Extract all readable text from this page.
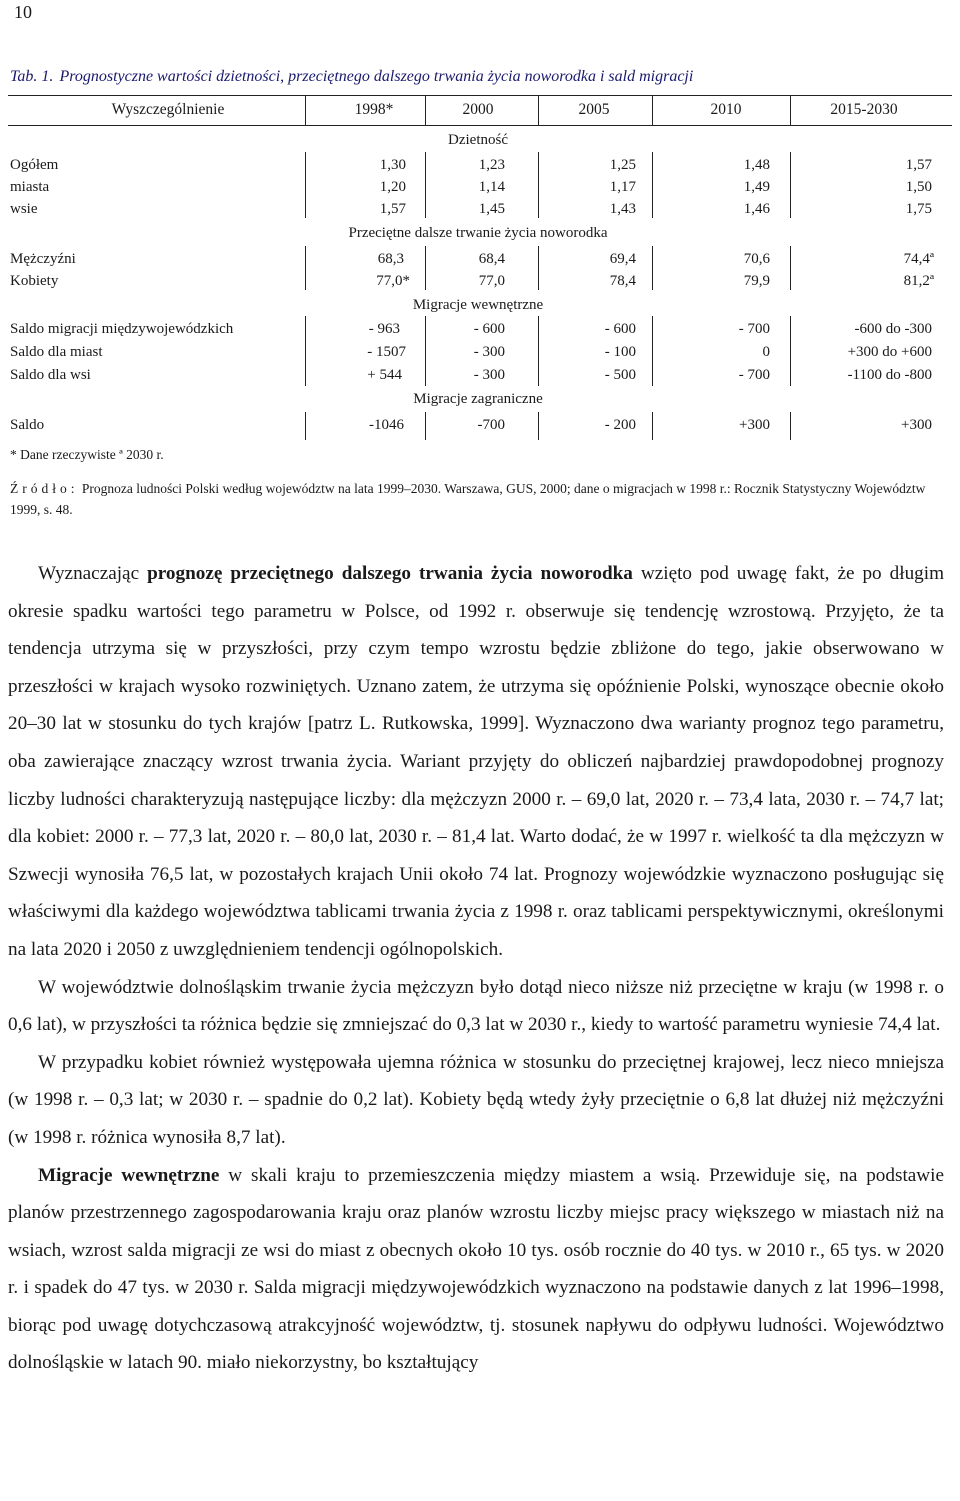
10
Tab. 1. Prognostyczne wartości dzietności, przeciętnego dalszego trwania życia noworodka i sald migracji
Wyszczególnienie	1998*	2000	2005	2010	2015-2030
Dzietność
Ogółem	1,30	1,23	1,25	1,48	1,57
miasta	1,20	1,14	1,17	1,49	1,50
wsie	1,57	1,45	1,43	1,46	1,75
Przeciętne dalsze trwanie życia noworodka
Mężczyźni	68,3	68,4	69,4	70,6	74,4ª
Kobiety	77,0*	77,0	78,4	79,9	81,2ª
Migracje wewnętrzne
Saldo migracji międzywojewódzkich	- 963	- 600	- 600	- 700	-600 do -300
Saldo dla miast	- 1507	- 300	- 100	0	+300 do +600
Saldo dla wsi	+ 544	- 300	- 500	- 700	-1100 do -800
Migracje zagraniczne
Saldo	-1046	-700	- 200	+300	+300
* Dane rzeczywiste ª 2030 r.
Źródło: Prognoza ludności Polski według województw na lata 1999–2030. Warszawa, GUS, 2000; dane o migracjach w 1998 r.: Rocznik Statystyczny Województw 1999, s. 48.

Wyznaczając prognozę przeciętnego dalszego trwania życia noworodka wzięto pod uwagę fakt, że po długim okresie spadku wartości tego parametru w Polsce, od 1992 r. obserwuje się tendencję wzrostową. Przyjęto, że ta tendencja utrzyma się w przyszłości, przy czym tempo wzrostu będzie zbliżone do tego, jakie obserwowano w przeszłości w krajach wysoko rozwiniętych. Uznano zatem, że utrzyma się opóźnienie Polski, wynoszące obecnie około 20–30 lat w stosunku do tych krajów [patrz L. Rutkowska, 1999]. Wyznaczono dwa warianty prognoz tego parametru, oba zawierające znaczący wzrost trwania życia. Wariant przyjęty do obliczeń najbardziej prawdopodobnej prognozy liczby ludności charakteryzują następujące liczby: dla mężczyzn 2000 r. – 69,0 lat, 2020 r. – 73,4 lata, 2030 r. – 74,7 lat; dla kobiet: 2000 r. – 77,3 lat, 2020 r. – 80,0 lat, 2030 r. – 81,4 lat. Warto dodać, że w 1997 r. wielkość ta dla mężczyzn w Szwecji wynosiła 76,5 lat, w pozostałych krajach Unii około 74 lat. Prognozy wojewódzkie wyznaczono posługując się właściwymi dla każdego województwa tablicami trwania życia z 1998 r. oraz tablicami perspektywicznymi, określonymi na lata 2020 i 2050 z uwzględnieniem tendencji ogólnopolskich.

W województwie dolnośląskim trwanie życia mężczyzn było dotąd nieco niższe niż przeciętne w kraju (w 1998 r. o 0,6 lat), w przyszłości ta różnica będzie się zmniejszać do 0,3 lat w 2030 r., kiedy to wartość parametru wyniesie 74,4 lat.

W przypadku kobiet również występowała ujemna różnica w stosunku do przeciętnej krajowej, lecz nieco mniejsza (w 1998 r. – 0,3 lat; w 2030 r. – spadnie do 0,2 lat). Kobiety będą wtedy żyły przeciętnie o 6,8 lat dłużej niż mężczyźni (w 1998 r. różnica wynosiła 8,7 lat).

Migracje wewnętrzne w skali kraju to przemieszczenia między miastem a wsią. Przewiduje się, na podstawie planów przestrzennego zagospodarowania kraju oraz planów wzrostu liczby miejsc pracy większego w miastach niż na wsiach, wzrost salda migracji ze wsi do miast z obecnych około 10 tys. osób rocznie do 40 tys. w 2010 r., 65 tys. w 2020 r. i spadek do 47 tys. w 2030 r. Salda migracji międzywojewódzkich wyznaczono na podstawie danych z lat 1996–1998, biorąc pod uwagę dotychczasową atrakcyjność województw, tj. stosunek napływu do odpływu ludności. Województwo dolnośląskie w latach 90. miało niekorzystny, bo kształtujący
